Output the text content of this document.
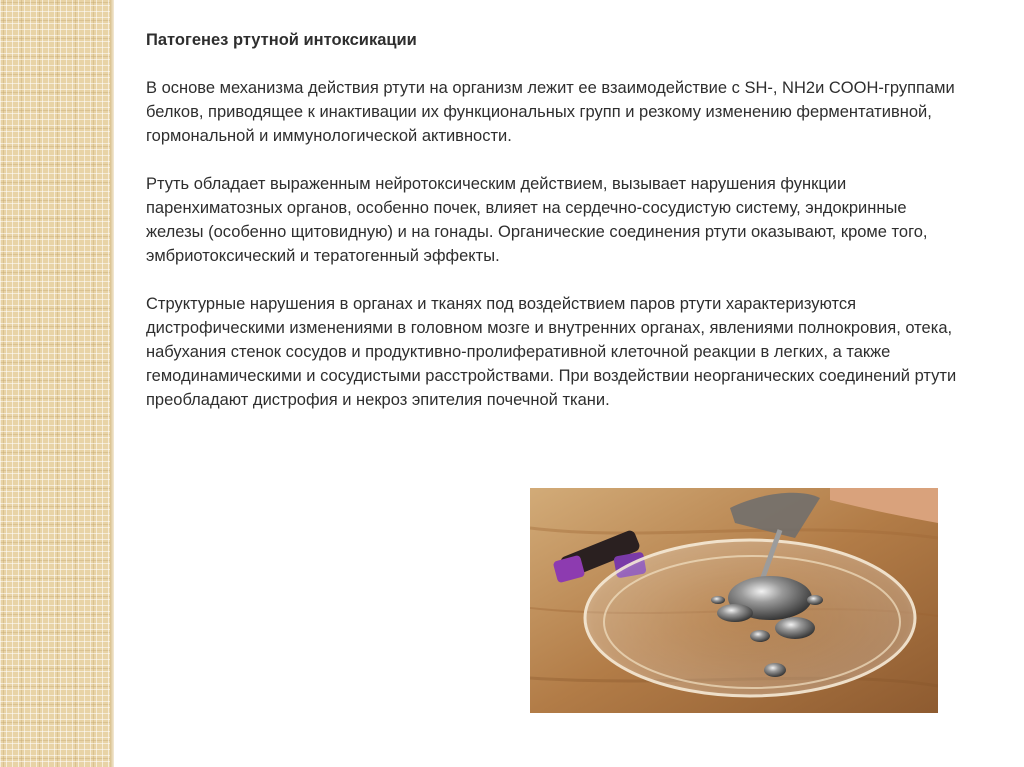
Патогенез ртутной интоксикации

В основе механизма действия ртути на организм лежит ее взаимодействие с SH-, NH2и COOH-группами белков, приводящее к инактивации их функциональных групп и резкому изменению ферментативной, гормональной и иммунологической активности.

Ртуть обладает выраженным нейротоксическим действием, вызывает нарушения функции паренхиматозных органов, особенно почек, влияет на сердечно-сосудистую систему, эндокринные железы (особенно щитовидную) и на гонады. Органические соединения ртути оказывают, кроме того, эмбриотоксический и тератогенный эффекты.

Структурные нарушения в органах и тканях под воздействием паров ртути характеризуются дистрофическими изменениями в головном мозге и внутренних органах, явлениями полнокровия, отека, набухания стенок сосудов и продуктивно-пролиферативной клеточной реакции в легких, а также гемодинамическими и сосудистыми расстройствами. При воздействии неорганических соединений ртути преобладают дистрофия и некроз эпителия почечной ткани.
